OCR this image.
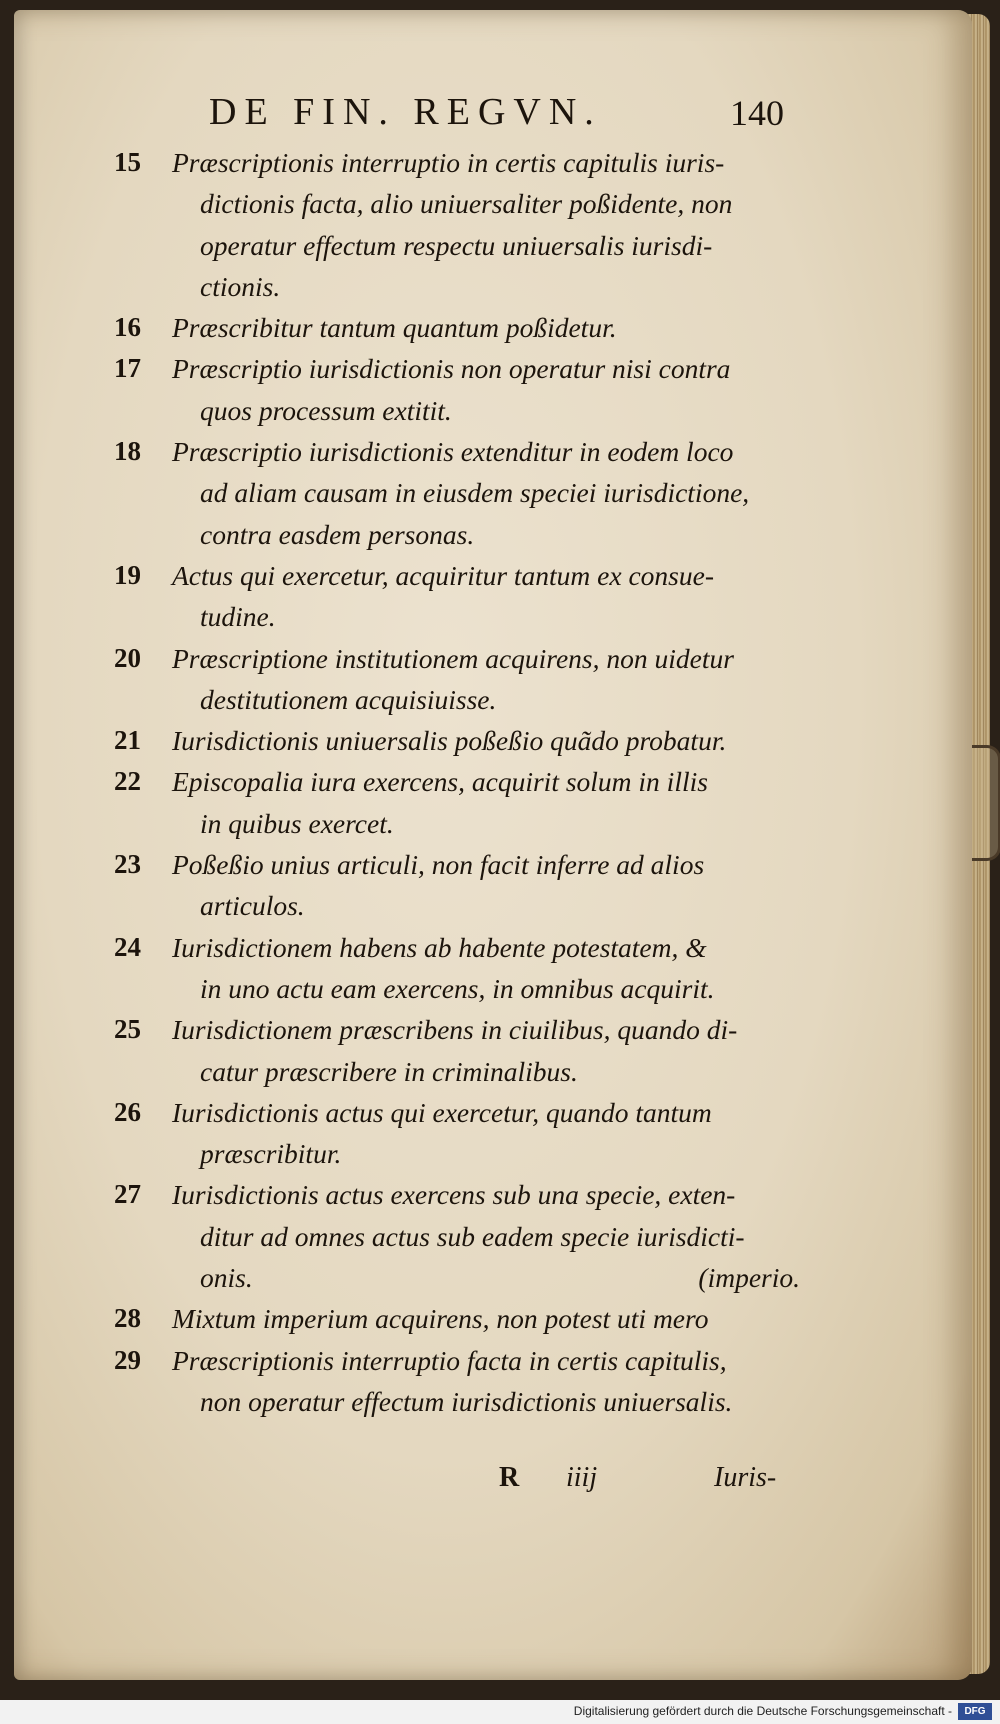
DE FIN. REGVN.	140
15	Præscriptionis interruptio in certis capitulis iuris-
dictionis facta, alio uniuersaliter poßidente, non
operatur effectum respectu uniuersalis iurisdi-
ctionis.
16	Præscribitur tantum quantum poßidetur.
17	Præscriptio iurisdictionis non operatur nisi contra
quos processum extitit.
18	Præscriptio iurisdictionis extenditur in eodem loco
ad aliam causam in eiusdem speciei iurisdictione,
contra easdem personas.
19	Actus qui exercetur, acquiritur tantum ex consue-
tudine.
20	Præscriptione institutionem acquirens, non uidetur
destitutionem acquisiuisse.
21	Iurisdictionis uniuersalis poßeßio quãdo probatur.
22	Episcopalia iura exercens, acquirit solum in illis
in quibus exercet.
23	Poßeßio unius articuli, non facit inferre ad alios
articulos.
24	Iurisdictionem habens ab habente potestatem, &
in uno actu eam exercens, in omnibus acquirit.
25	Iurisdictionem præscribens in ciuilibus, quando di-
catur præscribere in criminalibus.
26	Iurisdictionis actus qui exercetur, quando tantum
præscribitur.
27	Iurisdictionis actus exercens sub una specie, exten-
ditur ad omnes actus sub eadem specie iurisdicti-
onis.	(imperio.
28	Mixtum imperium acquirens, non potest uti mero
29	Præscriptionis interruptio facta in certis capitulis,
non operatur effectum iurisdictionis uniuersalis.
R iiij	Iuris-
Digitalisierung gefördert durch die Deutsche Forschungsgemeinschaft -	DFG
